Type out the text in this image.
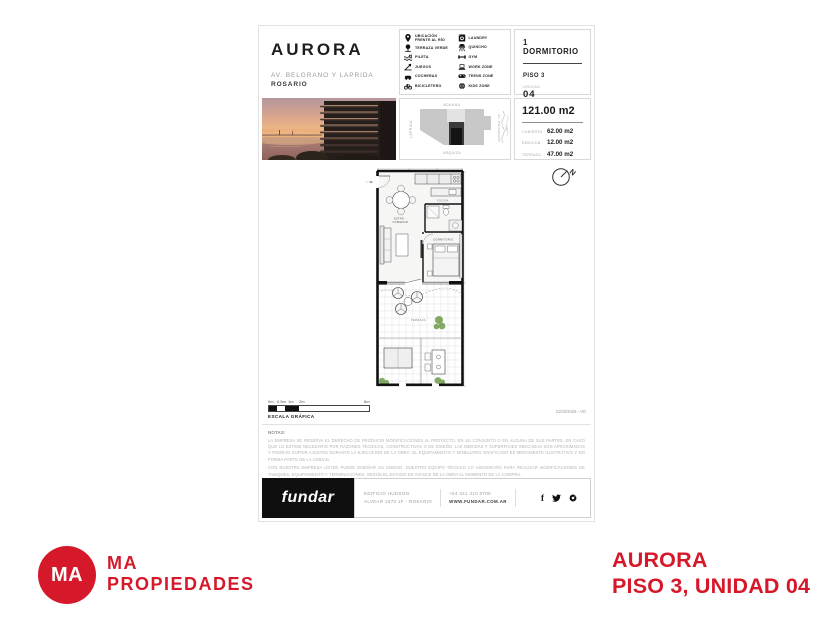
AURORA
AV. BELGRANO Y LAPRIDA
ROSARIO
UBICACIÓN FRENTE AL RÍO
TERRAZA VERDE
PILETA
JUEGOS
COCHERAS
BICICLETERO
LAUNDRY
QUINCHO
GYM
WORK ZONE
TEENS ZONE
KIDS ZONE
1 DORMITORIO
PISO 3
UNIDAD
04
ADUANA
LAPRIDA
URQUIZA
AV. BELGRANO RÍO
121.00 m2
CUBIERTA 62.00 m2
SEMICUB. 12.00 m2
TERRAZA 47.00 m2
COCINA
ESTAR
COMEDOR
DORMITORIO
TERRAZA
N
0m 0,5m 1m 2m	8m
ESCALA GRÁFICA
31/03/2025 - VD
NOTAS:

LA EMPRESA SE RESERVA EL DERECHO DE PRODUCIR MODIFICACIONES AL PROYECTO, EN SU CONJUNTO O EN ALGUNA DE SUS PARTES, EN CASO QUE LO ESTIME NECESARIO POR RAZONES TÉCNICAS, CONSTRUCTIVAS O DE DISEÑO. LAS MEDIDAS Y SUPERFICIES INDICADAS SON APROXIMADAS Y PODRÁN SUFRIR AJUSTES DURANTE LA EJECUCIÓN DE LA OBRA. EL EQUIPAMIENTO Y MOBILIARIO GRAFICADO ES MERAMENTE ILUSTRATIVO Y NO FORMA PARTE DE LA UNIDAD.

CON NUESTRA EMPRESA USTED PUEDE DISEÑAR SU UNIDAD. NUESTRO EQUIPO TÉCNICO LO ASESORARÁ PARA REALIZAR MODIFICACIONES DE TABIQUES, EQUIPAMIENTO Y TERMINACIONES, SEGÚN EL ESTADO DE AVANCE DE LA OBRA AL MOMENTO DE LA COMPRA.

fundar	EDIFICIO HUDSON
ALVEAR 1670 1F - ROSARIO
+54 341 410 0700
WWW.FUNDAR.COM.AR	f
MA
MA
PROPIEDADES
AURORA
PISO 3, UNIDAD 04
